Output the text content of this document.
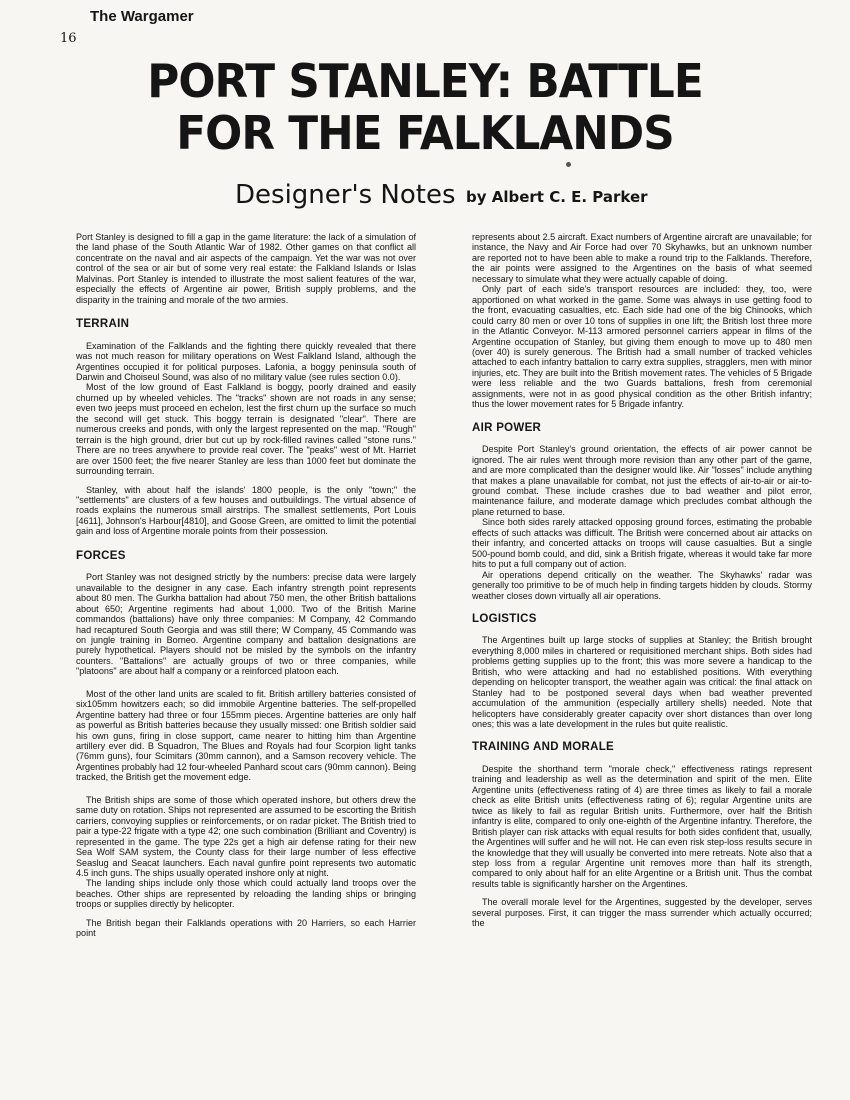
The Wargamer
16
PORT STANLEY: BATTLE
FOR THE FALKLANDS
Designer's Notes by Albert C. E. Parker

Port Stanley is designed to fill a gap in the game literature: the lack of a simulation of the land phase of the South Atlantic War of 1982. Other games on that conflict all concentrate on the naval and air aspects of the campaign. Yet the war was not over control of the sea or air but of some very real estate: the Falkland Islands or Islas Malvinas. Port Stanley is intended to illustrate the most salient features of the war, especially the effects of Argentine air power, British supply problems, and the disparity in the training and morale of the two armies.

TERRAIN

Examination of the Falklands and the fighting there quickly revealed that there was not much reason for military operations on West Falkland Island, although the Argentines occupied it for political purposes. Lafonia, a boggy peninsula south of Darwin and Choiseul Sound, was also of no military value (see rules section 0.0).

Most of the low ground of East Falkland is boggy, poorly drained and easily churned up by wheeled vehicles. The "tracks" shown are not roads in any sense; even two jeeps must proceed en echelon, lest the first churn up the surface so much the second will get stuck. This boggy terrain is designated "clear". There are numerous creeks and ponds, with only the largest represented on the map. "Rough" terrain is the high ground, drier but cut up by rock-filled ravines called "stone runs." There are no trees anywhere to provide real cover. The "peaks" west of Mt. Harriet are over 1500 feet; the five nearer Stanley are less than 1000 feet but dominate the surrounding terrain.

Stanley, with about half the islands' 1800 people, is the only "town;" the "settlements" are clusters of a few houses and outbuildings. The virtual absence of roads explains the numerous small airstrips. The smallest settlements, Port Louis [4611], Johnson's Harbour[4810], and Goose Green, are omitted to limit the potential gain and loss of Argentine morale points from their possession.

FORCES

Port Stanley was not designed strictly by the numbers: precise data were largely unavailable to the designer in any case. Each infantry strength point represents about 80 men. The Gurkha battalion had about 750 men, the other British battalions about 650; Argentine regiments had about 1,000. Two of the British Marine commandos (battalions) have only three companies: M Company, 42 Commando had recaptured South Georgia and was still there; W Company, 45 Commando was on jungle training in Borneo. Argentine company and battalion designations are purely hypothetical. Players should not be misled by the symbols on the infantry counters. "Battalions" are actually groups of two or three companies, while "platoons" are about half a company or a reinforced platoon each.

Most of the other land units are scaled to fit. British artillery batteries consisted of six105mm howitzers each; so did immobile Argentine batteries. The self-propelled Argentine battery had three or four 155mm pieces. Argentine batteries are only half as powerful as British batteries because they usually missed: one British soldier said his own guns, firing in close support, came nearer to hitting him than Argentine artillery ever did. B Squadron, The Blues and Royals had four Scorpion light tanks (76mm guns), four Scimitars (30mm cannon), and a Samson recovery vehicle. The Argentines probably had 12 four-wheeled Panhard scout cars (90mm cannon). Being tracked, the British get the movement edge.

The British ships are some of those which operated inshore, but others drew the same duty on rotation. Ships not represented are assumed to be escorting the British carriers, convoying supplies or reinforcements, or on radar picket. The British tried to pair a type-22 frigate with a type 42; one such combination (Brilliant and Coventry) is represented in the game. The type 22s get a high air defense rating for their new Sea Wolf SAM system, the County class for their large number of less effective Seaslug and Seacat launchers. Each naval gunfire point represents two automatic 4.5 inch guns. The ships usually operated inshore only at night.

The landing ships include only those which could actually land troops over the beaches. Other ships are represented by reloading the landing ships or bringing troops or supplies directly by helicopter.

The British began their Falklands operations with 20 Harriers, so each Harrier point

represents about 2.5 aircraft. Exact numbers of Argentine aircraft are unavailable; for instance, the Navy and Air Force had over 70 Skyhawks, but an unknown number are reported not to have been able to make a round trip to the Falklands. Therefore, the air points were assigned to the Argentines on the basis of what seemed necessary to simulate what they were actually capable of doing.

Only part of each side's transport resources are included: they, too, were apportioned on what worked in the game. Some was always in use getting food to the front, evacuating casualties, etc. Each side had one of the big Chinooks, which could carry 80 men or over 10 tons of supplies in one lift; the British lost three more in the Atlantic Conveyor. M-113 armored personnel carriers appear in films of the Argentine occupation of Stanley, but giving them enough to move up to 480 men (over 40) is surely generous. The British had a small number of tracked vehicles attached to each infantry battalion to carry extra supplies, stragglers, men with minor injuries, etc. They are built into the British movement rates. The vehicles of 5 Brigade were less reliable and the two Guards battalions, fresh from ceremonial assignments, were not in as good physical condition as the other British infantry; thus the lower movement rates for 5 Brigade infantry.

AIR POWER

Despite Port Stanley's ground orientation, the effects of air power cannot be ignored. The air rules went through more revision than any other part of the game, and are more complicated than the designer would like. Air "losses" include anything that makes a plane unavailable for combat, not just the effects of air-to-air or air-to-ground combat. These include crashes due to bad weather and pilot error, maintenance failure, and moderate damage which precludes combat although the plane returned to base.

Since both sides rarely attacked opposing ground forces, estimating the probable effects of such attacks was difficult. The British were concerned about air attacks on their infantry, and concerted attacks on troops will cause casualties. But a single 500-pound bomb could, and did, sink a British frigate, whereas it would take far more hits to put a full company out of action.

Air operations depend critically on the weather. The Skyhawks' radar was generally too primitive to be of much help in finding targets hidden by clouds. Stormy weather closes down virtually all air operations.

LOGISTICS

The Argentines built up large stocks of supplies at Stanley; the British brought everything 8,000 miles in chartered or requisitioned merchant ships. Both sides had problems getting supplies up to the front; this was more severe a handicap to the British, who were attacking and had no established positions. With everything depending on helicopter transport, the weather again was critical: the final attack on Stanley had to be postponed several days when bad weather prevented accumulation of the ammunition (especially artillery shells) needed. Note that helicopters have considerably greater capacity over short distances than over long ones; this was a late development in the rules but quite realistic.

TRAINING AND MORALE

Despite the shorthand term "morale check," effectiveness ratings represent training and leadership as well as the determination and spirit of the men. Elite Argentine units (effectiveness rating of 4) are three times as likely to fail a morale check as elite British units (effectiveness rating of 6); regular Argentine units are twice as likely to fail as regular British units. Furthermore, over half the British infantry is elite, compared to only one-eighth of the Argentine infantry. Therefore, the British player can risk attacks with equal results for both sides confident that, usually, the Argentines will suffer and he will not. He can even risk step-loss results secure in the knowledge that they will usually be converted into mere retreats. Note also that a step loss from a regular Argentine unit removes more than half its strength, compared to only about half for an elite Argentine or a British unit. Thus the combat results table is significantly harsher on the Argentines.

The overall morale level for the Argentines, suggested by the developer, serves several purposes. First, it can trigger the mass surrender which actually occurred; the
